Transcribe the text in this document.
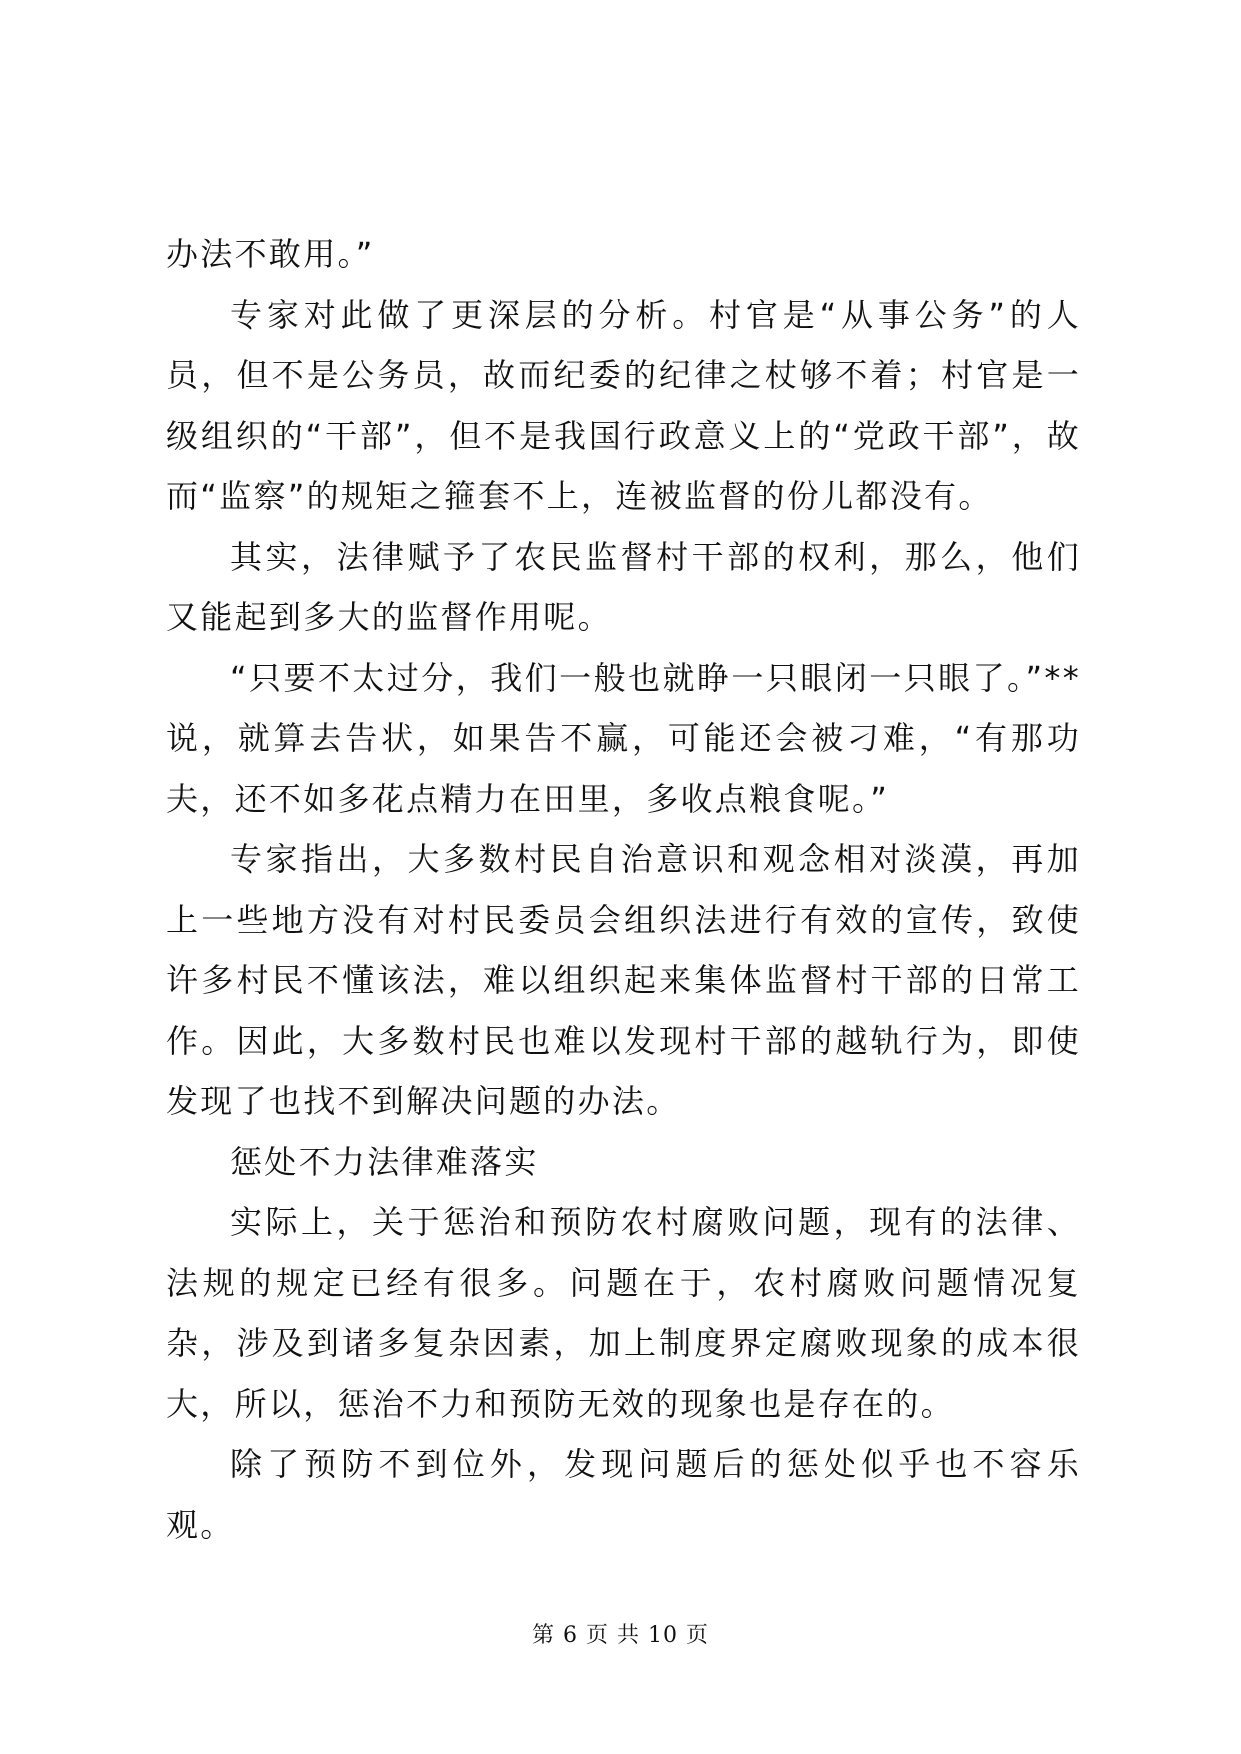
办法不敢用。”

专家对此做了更深层的分析。村官是“从事公务”的人员，但不是公务员，故而纪委的纪律之杖够不着；村官是一级组织的“干部”，但不是我国行政意义上的“党政干部”，故而“监察”的规矩之箍套不上，连被监督的份儿都没有。

其实，法律赋予了农民监督村干部的权利，那么，他们又能起到多大的监督作用呢。

“只要不太过分，我们一般也就睁一只眼闭一只眼了。”**说，就算去告状，如果告不赢，可能还会被刁难，“有那功夫，还不如多花点精力在田里，多收点粮食呢。”

专家指出，大多数村民自治意识和观念相对淡漠，再加上一些地方没有对村民委员会组织法进行有效的宣传，致使许多村民不懂该法，难以组织起来集体监督村干部的日常工作。因此，大多数村民也难以发现村干部的越轨行为，即使发现了也找不到解决问题的办法。

惩处不力法律难落实

实际上，关于惩治和预防农村腐败问题，现有的法律、法规的规定已经有很多。问题在于，农村腐败问题情况复杂，涉及到诸多复杂因素，加上制度界定腐败现象的成本很大，所以，惩治不力和预防无效的现象也是存在的。

除了预防不到位外，发现问题后的惩处似乎也不容乐观。

第 6 页 共 10 页
